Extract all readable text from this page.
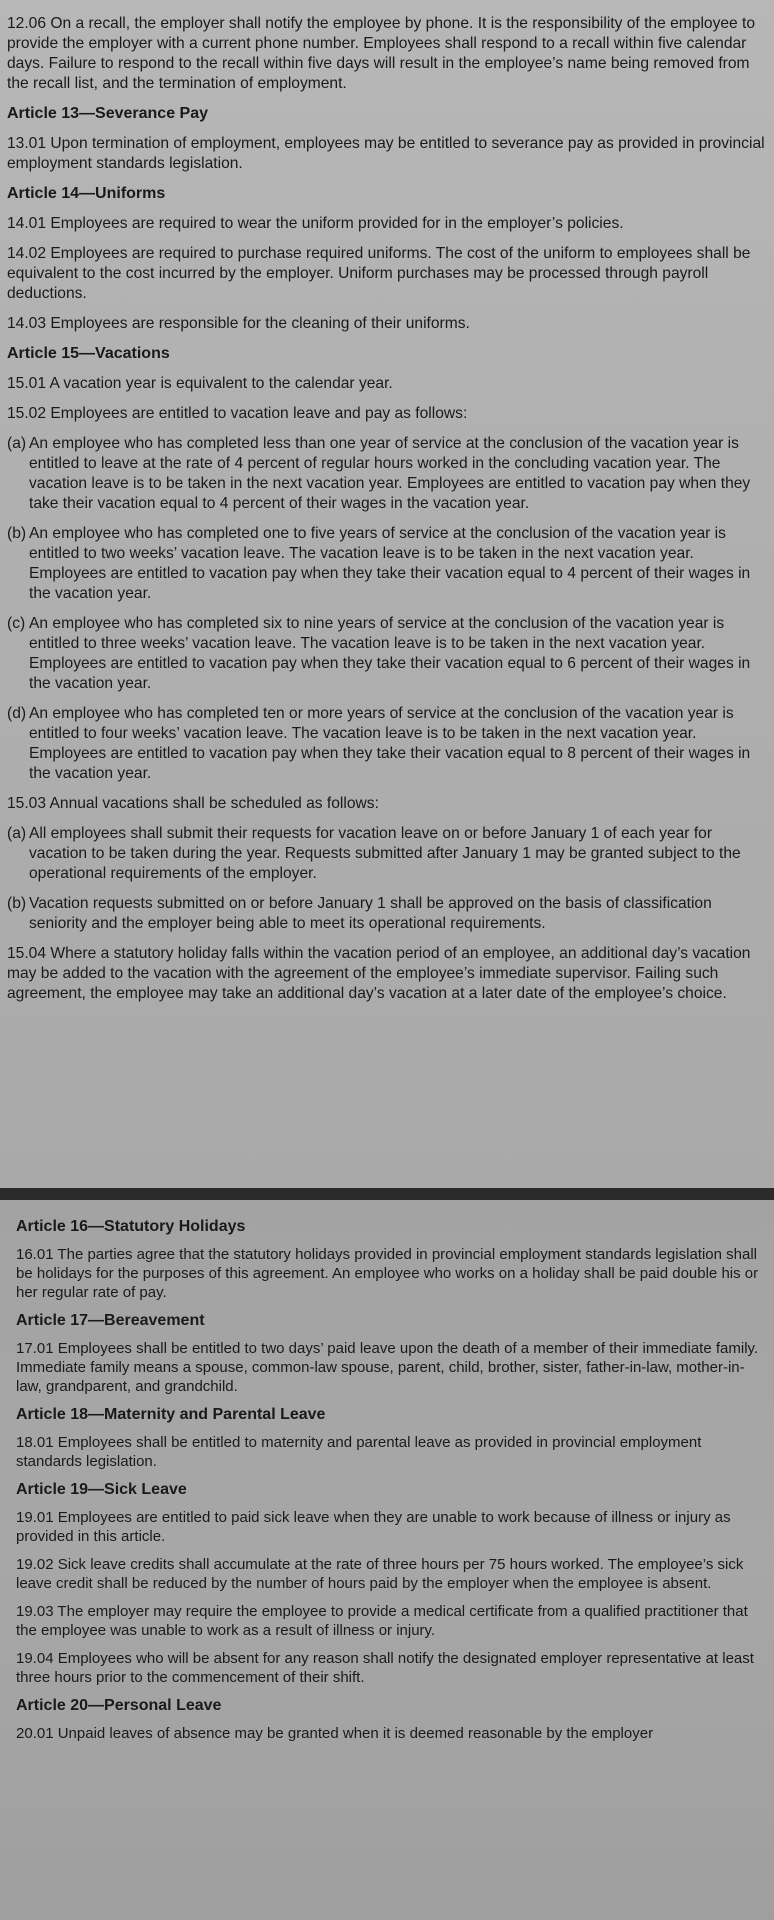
12.06 On a recall, the employer shall notify the employee by phone. It is the responsibility of the employee to provide the employer with a current phone number. Employees shall respond to a recall within five calendar days. Failure to respond to the recall within five days will result in the employee’s name being removed from the recall list, and the termination of employment.

Article 13—Severance Pay

13.01 Upon termination of employment, employees may be entitled to severance pay as provided in provincial employment standards legislation.

Article 14—Uniforms

14.01 Employees are required to wear the uniform provided for in the employer’s policies.

14.02 Employees are required to purchase required uniforms. The cost of the uniform to employees shall be equivalent to the cost incurred by the employer. Uniform purchases may be processed through payroll deductions.

14.03 Employees are responsible for the cleaning of their uniforms.

Article 15—Vacations

15.01 A vacation year is equivalent to the calendar year.

15.02 Employees are entitled to vacation leave and pay as follows:

(a) An employee who has completed less than one year of service at the conclusion of the vacation year is entitled to leave at the rate of 4 percent of regular hours worked in the concluding vacation year. The vacation leave is to be taken in the next vacation year. Employees are entitled to vacation pay when they take their vacation equal to 4 percent of their wages in the vacation year.

(b) An employee who has completed one to five years of service at the conclusion of the vacation year is entitled to two weeks’ vacation leave. The vacation leave is to be taken in the next vacation year. Employees are entitled to vacation pay when they take their vacation equal to 4 percent of their wages in the vacation year.

(c) An employee who has completed six to nine years of service at the conclusion of the vacation year is entitled to three weeks’ vacation leave. The vacation leave is to be taken in the next vacation year. Employees are entitled to vacation pay when they take their vacation equal to 6 percent of their wages in the vacation year.

(d) An employee who has completed ten or more years of service at the conclusion of the vacation year is entitled to four weeks’ vacation leave. The vacation leave is to be taken in the next vacation year. Employees are entitled to vacation pay when they take their vacation equal to 8 percent of their wages in the vacation year.

15.03 Annual vacations shall be scheduled as follows:

(a) All employees shall submit their requests for vacation leave on or before January 1 of each year for vacation to be taken during the year. Requests submitted after January 1 may be granted subject to the operational requirements of the employer.

(b) Vacation requests submitted on or before January 1 shall be approved on the basis of classification seniority and the employer being able to meet its operational requirements.

15.04 Where a statutory holiday falls within the vacation period of an employee, an additional day’s vacation may be added to the vacation with the agreement of the employee’s immediate supervisor. Failing such agreement, the employee may take an additional day’s vacation at a later date of the employee’s choice.

Article 16—Statutory Holidays

16.01 The parties agree that the statutory holidays provided in provincial employment standards legislation shall be holidays for the purposes of this agreement. An employee who works on a holiday shall be paid double his or her regular rate of pay.

Article 17—Bereavement

17.01 Employees shall be entitled to two days’ paid leave upon the death of a member of their immediate family. Immediate family means a spouse, common-law spouse, parent, child, brother, sister, father-in-law, mother-in-law, grandparent, and grandchild.

Article 18—Maternity and Parental Leave

18.01 Employees shall be entitled to maternity and parental leave as provided in provincial employment standards legislation.

Article 19—Sick Leave

19.01 Employees are entitled to paid sick leave when they are unable to work because of illness or injury as provided in this article.

19.02 Sick leave credits shall accumulate at the rate of three hours per 75 hours worked. The employee’s sick leave credit shall be reduced by the number of hours paid by the employer when the employee is absent.

19.03 The employer may require the employee to provide a medical certificate from a qualified practitioner that the employee was unable to work as a result of illness or injury.

19.04 Employees who will be absent for any reason shall notify the designated employer representative at least three hours prior to the commencement of their shift.

Article 20—Personal Leave

20.01 Unpaid leaves of absence may be granted when it is deemed reasonable by the employer
